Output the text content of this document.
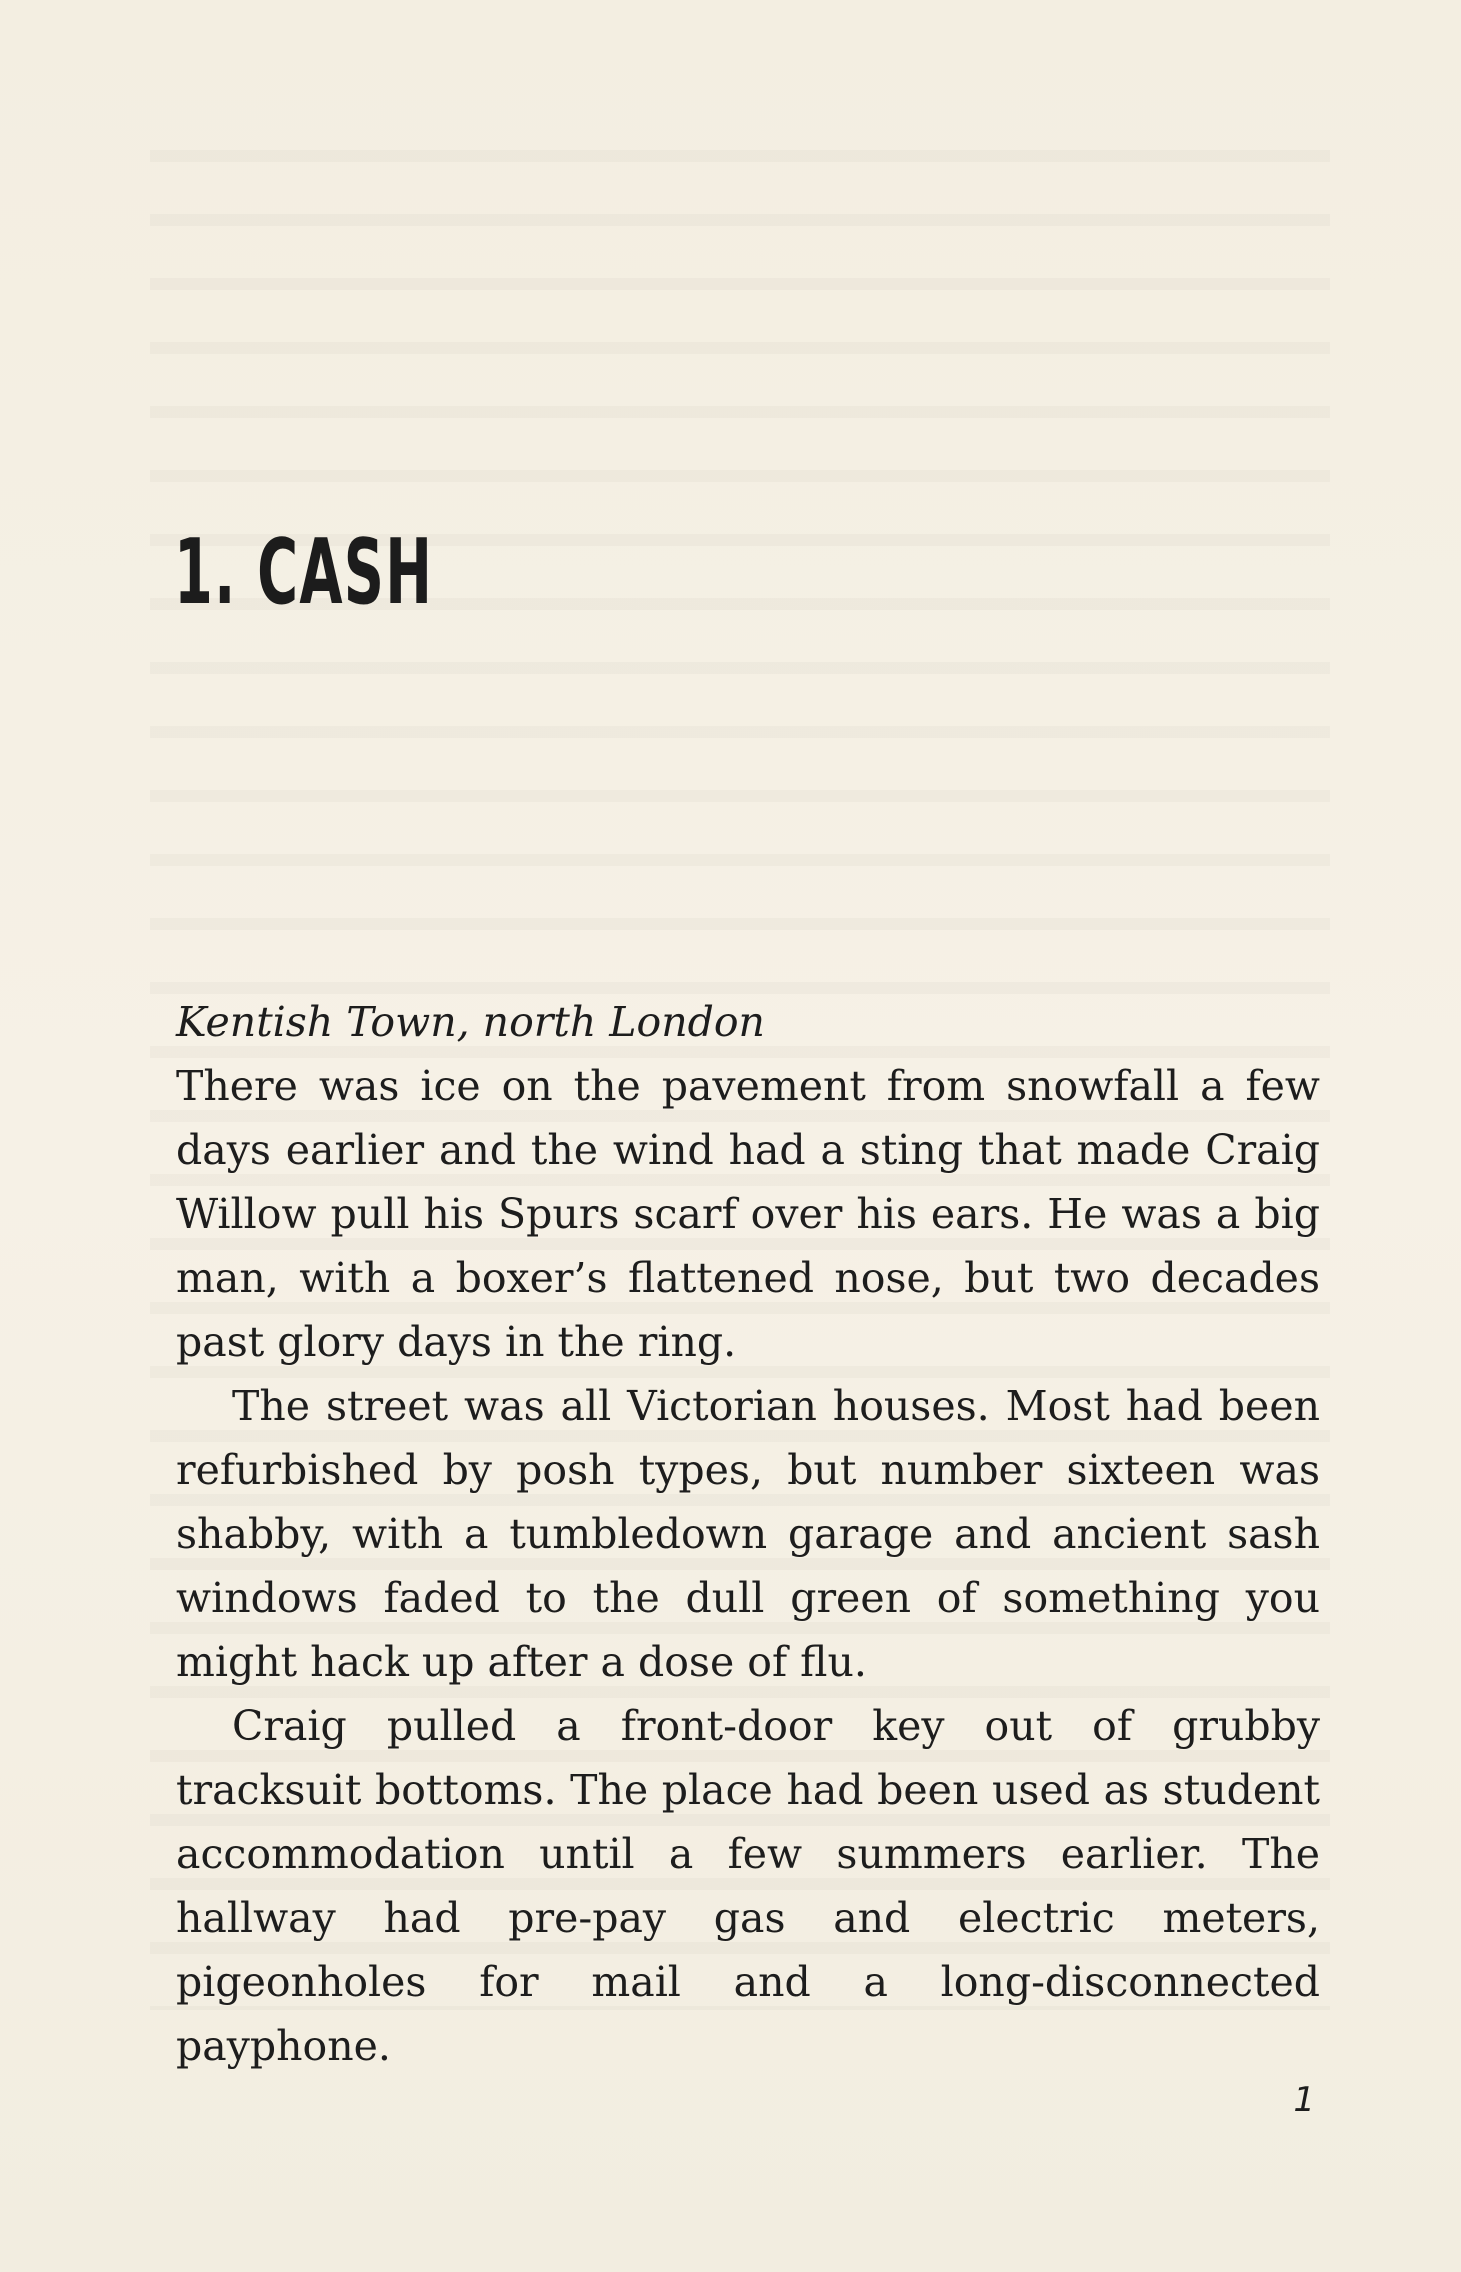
1. CASH

Kentish Town, north London

There was ice on the pavement from snowfall a few days earlier and the wind had a sting that made Craig Willow pull his Spurs scarf over his ears. He was a big man, with a boxer’s flattened nose, but two decades past glory days in the ring.

The street was all Victorian houses. Most had been refurbished by posh types, but number sixteen was shabby, with a tumbledown garage and ancient sash windows faded to the dull green of something you might hack up after a dose of flu.

Craig pulled a front-door key out of grubby tracksuit bottoms. The place had been used as student accommodation until a few summers earlier. The hallway had pre-pay gas and electric meters, pigeonholes for mail and a long-disconnected payphone.

1
